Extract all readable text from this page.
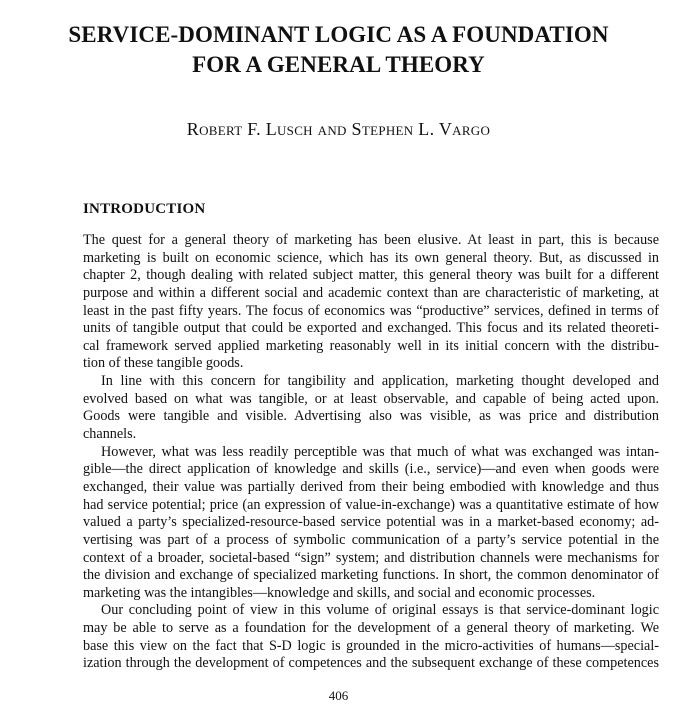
SERVICE-DOMINANT LOGIC AS A FOUNDATION
FOR A GENERAL THEORY
Robert F. Lusch and Stephen L. Vargo
INTRODUCTION
The quest for a general theory of marketing has been elusive. At least in part, this is because
marketing is built on economic science, which has its own general theory. But, as discussed in
chapter 2, though dealing with related subject matter, this general theory was built for a different
purpose and within a different social and academic context than are characteristic of marketing, at
least in the past fifty years. The focus of economics was “productive” services, defined in terms of
units of tangible output that could be exported and exchanged. This focus and its related theoreti-
cal framework served applied marketing reasonably well in its initial concern with the distribu-
tion of these tangible goods.
In line with this concern for tangibility and application, marketing thought developed and
evolved based on what was tangible, or at least observable, and capable of being acted upon.
Goods were tangible and visible. Advertising also was visible, as was price and distribution
channels.
However, what was less readily perceptible was that much of what was exchanged was intan-
gible—the direct application of knowledge and skills (i.e., service)—and even when goods were
exchanged, their value was partially derived from their being embodied with knowledge and thus
had service potential; price (an expression of value-in-exchange) was a quantitative estimate of how
valued a party’s specialized-resource-based service potential was in a market-based economy; ad-
vertising was part of a process of symbolic communication of a party’s service potential in the
context of a broader, societal-based “sign” system; and distribution channels were mechanisms for
the division and exchange of specialized marketing functions. In short, the common denominator of
marketing was the intangibles—knowledge and skills, and social and economic processes.
Our concluding point of view in this volume of original essays is that service-dominant logic
may be able to serve as a foundation for the development of a general theory of marketing. We
base this view on the fact that S-D logic is grounded in the micro-activities of humans—special-
ization through the development of competences and the subsequent exchange of these competences
406
